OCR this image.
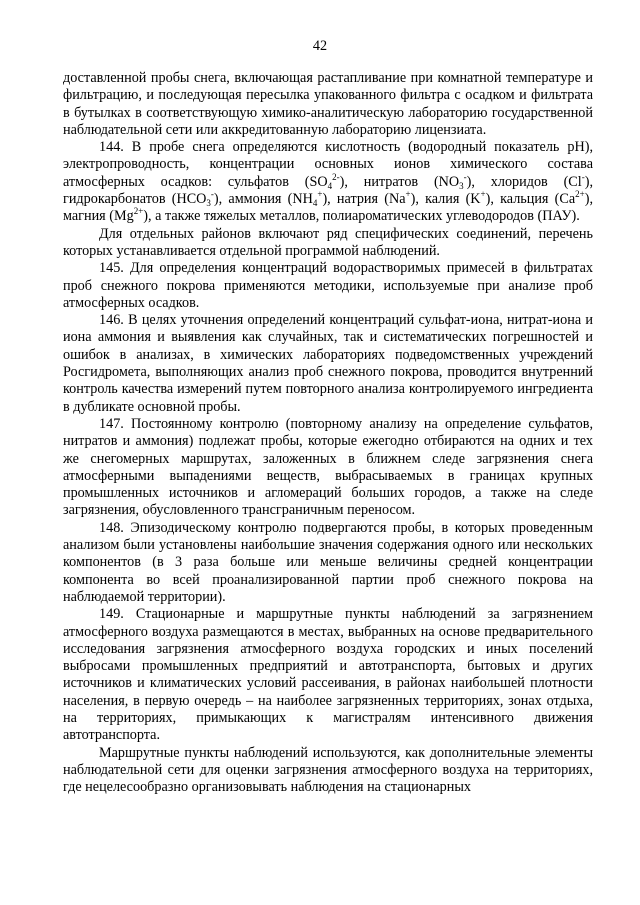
42

доставленной пробы снега, включающая растапливание при комнатной температуре и фильтрацию, и последующая пересылка упакованного фильтра с осадком и фильтрата в бутылках в соответствующую химико-аналитическую лабораторию государственной наблюдательной сети или аккредитованную лабораторию лицензиата.

144. В пробе снега определяются кислотность (водородный показатель pH), электропроводность, концентрации основных ионов химического состава атмосферных осадков: сульфатов $(SO_4^{2-})$, нитратов $(NO_3^-)$, хлоридов (Cl-), гидрокарбонатов $(HCO_3^-)$, аммония $(NH_4^+)$, натрия (Na+), калия (K+), кальция $(Ca^{2+})$, магния $(Mg^{2+})$, а также тяжелых металлов, полиароматических углеводородов (ПАУ).

Для отдельных районов включают ряд специфических соединений, перечень которых устанавливается отдельной программой наблюдений.

145. Для определения концентраций водорастворимых примесей в фильтратах проб снежного покрова применяются методики, используемые при анализе проб атмосферных осадков.

146. В целях уточнения определений концентраций сульфат-иона, нитрат-иона и иона аммония и выявления как случайных, так и систематических погрешностей и ошибок в анализах, в химических лабораториях подведомственных учреждений Росгидромета, выполняющих анализ проб снежного покрова, проводится внутренний контроль качества измерений путем повторного анализа контролируемого ингредиента в дубликате основной пробы.

147. Постоянному контролю (повторному анализу на определение сульфатов, нитратов и аммония) подлежат пробы, которые ежегодно отбираются на одних и тех же снегомерных маршрутах, заложенных в ближнем следе загрязнения снега атмосферными выпадениями веществ, выбрасываемых в границах крупных промышленных источников и агломераций больших городов, а также на следе загрязнения, обусловленного трансграничным переносом.

148. Эпизодическому контролю подвергаются пробы, в которых проведенным анализом были установлены наибольшие значения содержания одного или нескольких компонентов (в 3 раза больше или меньше величины средней концентрации компонента во всей проанализированной партии проб снежного покрова на наблюдаемой территории).

149. Стационарные и маршрутные пункты наблюдений за загрязнением атмосферного воздуха размещаются в местах, выбранных на основе предварительного исследования загрязнения атмосферного воздуха городских и иных поселений выбросами промышленных предприятий и автотранспорта, бытовых и других источников и климатических условий рассеивания, в районах наибольшей плотности населения, в первую очередь – на наиболее загрязненных территориях, зонах отдыха, на территориях, примыкающих к магистралям интенсивного движения автотранспорта.

Маршрутные пункты наблюдений используются, как дополнительные элементы наблюдательной сети для оценки загрязнения атмосферного воздуха на территориях, где нецелесообразно организовывать наблюдения на стационарных
